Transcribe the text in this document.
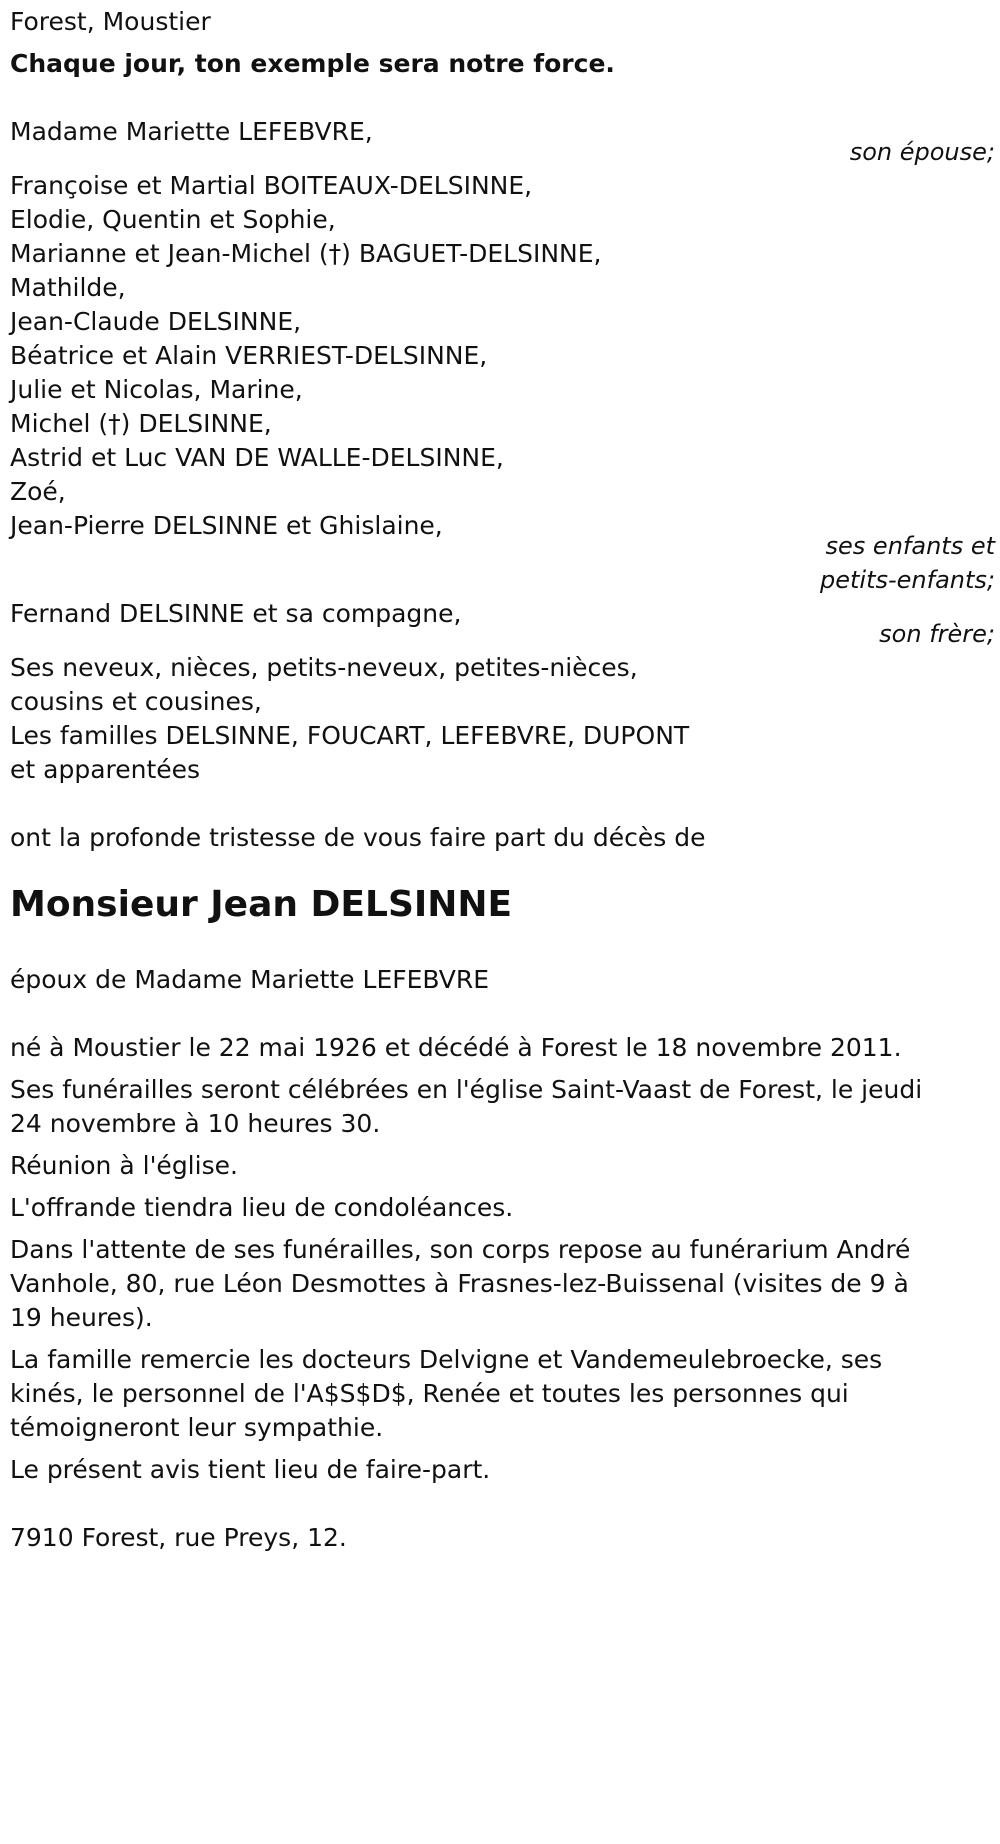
Forest, Moustier

Chaque jour, ton exemple sera notre force.

Madame Mariette LEFEBVRE,

son épouse;

Françoise et Martial BOITEAUX-DELSINNE,

Elodie, Quentin et Sophie,

Marianne et Jean-Michel (†) BAGUET-DELSINNE,

Mathilde,

Jean-Claude DELSINNE,

Béatrice et Alain VERRIEST-DELSINNE,

Julie et Nicolas, Marine,

Michel (†) DELSINNE,

Astrid et Luc VAN DE WALLE-DELSINNE,

Zoé,

Jean-Pierre DELSINNE et Ghislaine,

ses enfants et

petits-enfants;

Fernand DELSINNE et sa compagne,

son frère;

Ses neveux, nièces, petits-neveux, petites-nièces,

cousins et cousines,

Les familles DELSINNE, FOUCART, LEFEBVRE, DUPONT

et apparentées

ont la profonde tristesse de vous faire part du décès de

Monsieur Jean DELSINNE

époux de Madame Mariette LEFEBVRE

né à Moustier le 22 mai 1926 et décédé à Forest le 18 novembre 2011.

Ses funérailles seront célébrées en l'église Saint-Vaast de Forest, le jeudi

24 novembre à 10 heures 30.

Réunion à l'église.

L'offrande tiendra lieu de condoléances.

Dans l'attente de ses funérailles, son corps repose au funérarium André

Vanhole, 80, rue Léon Desmottes à Frasnes-lez-Buissenal (visites de 9 à

19 heures).

La famille remercie les docteurs Delvigne et Vandemeulebroecke, ses

kinés, le personnel de l'A$S$D$, Renée et toutes les personnes qui

témoigneront leur sympathie.

Le présent avis tient lieu de faire-part.

7910 Forest, rue Preys, 12.
